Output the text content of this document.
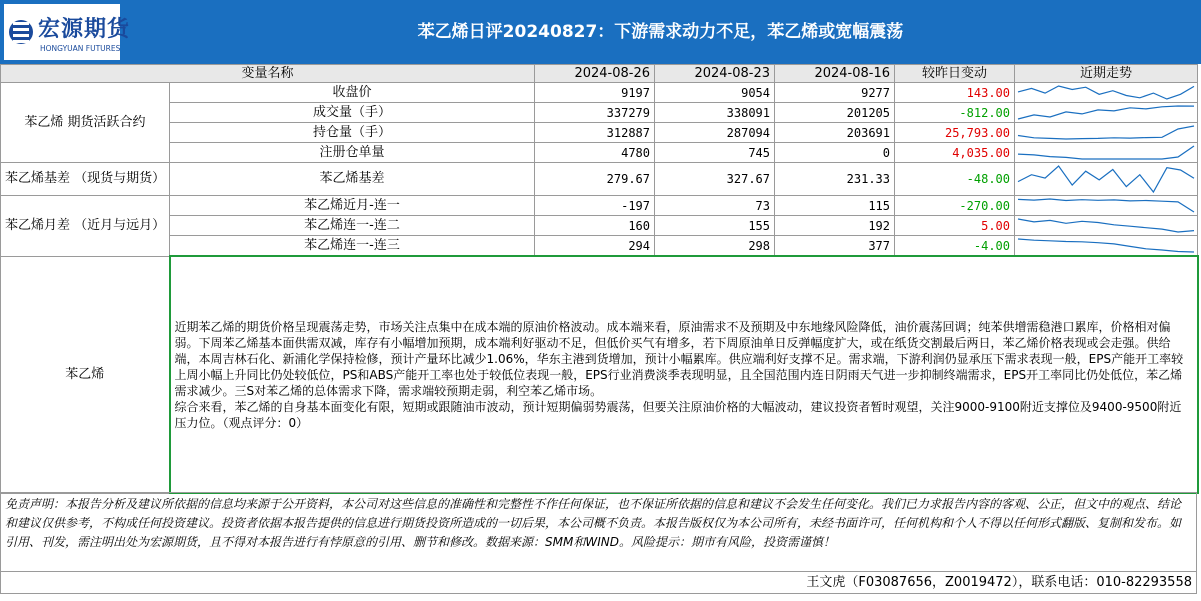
宏源期货
HONGYUAN FUTURES
苯乙烯日评20240827：下游需求动力不足，苯乙烯或宽幅震荡
变量名称		2024-08-26	2024-08-23	2024-08-16	较昨日变动	近期走势
苯乙烯 期货活跃合约	收盘价	9197	9054	9277	143.00	

	成交量（手）	337279	338091	201205	-812.00	

	持仓量（手）	312887	287094	203691	25,793.00	

	注册仓单量	4780	745	0	4,035.00	

苯乙烯基差 （现货与期货）	苯乙烯基差	279.67	327.67	231.33	-48.00	

苯乙烯月差 （近月与远月）	苯乙烯近月-连一	-197	73	115	-270.00	

	苯乙烯连一-连二	160	155	192	5.00	

	苯乙烯连一-连三	294	298	377	-4.00	

苯乙烯	近期苯乙烯的期货价格呈现震荡走势，市场关注点集中在成本端的原油价格波动。成本端来看，原油需求不及预期及中东地缘风险降低，油价震荡回调；纯苯供增需稳港口累库，价格相对偏弱。下周苯乙烯基本面供需双减，库存有小幅增加预期，成本端利好驱动不足，但低价买气有增多，若下周原油单日反弹幅度扩大，或在纸货交割最后两日，苯乙烯价格表现或会走强。供给端，本周吉林石化、新浦化学保持检修，预计产量环比减少1.06%，华东主港到货增加，预计小幅累库。供应端利好支撑不足。需求端，下游利润仍显承压下需求表现一般，EPS产能开工率较上周小幅上升同比仍处较低位，PS和ABS产能开工率也处于较低位表现一般，EPS行业消费淡季表现明显，且全国范围内连日阴雨天气进一步抑制终端需求，EPS开工率同比仍处低位，苯乙烯需求减少。三S对苯乙烯的总体需求下降，需求端较预期走弱，利空苯乙烯市场。
综合来看，苯乙烯的自身基本面变化有限，短期或跟随油市波动，预计短期偏弱势震荡，但要关注原油价格的大幅波动，建议投资者暂时观望，关注9000-9100附近支撑位及9400-9500附近压力位。（观点评分：0）					
免责声明：本报告分析及建议所依据的信息均来源于公开资料，本公司对这些信息的准确性和完整性不作任何保证，也不保证所依据的信息和建议不会发生任何变化。我们已力求报告内容的客观、公正，但文中的观点、结论和建议仅供参考，不构成任何投资建议。投资者依据本报告提供的信息进行期货投资所造成的一切后果，本公司概不负责。本报告版权仅为本公司所有，未经书面许可，任何机构和个人不得以任何形式翻版、复制和发布。如引用、刊发，需注明出处为宏源期货，且不得对本报告进行有悖原意的引用、删节和修改。数据来源：SMM和WIND。风险提示：期市有风险，投资需谨慎！
王文虎（F03087656，Z0019472），联系电话：010-82293558
